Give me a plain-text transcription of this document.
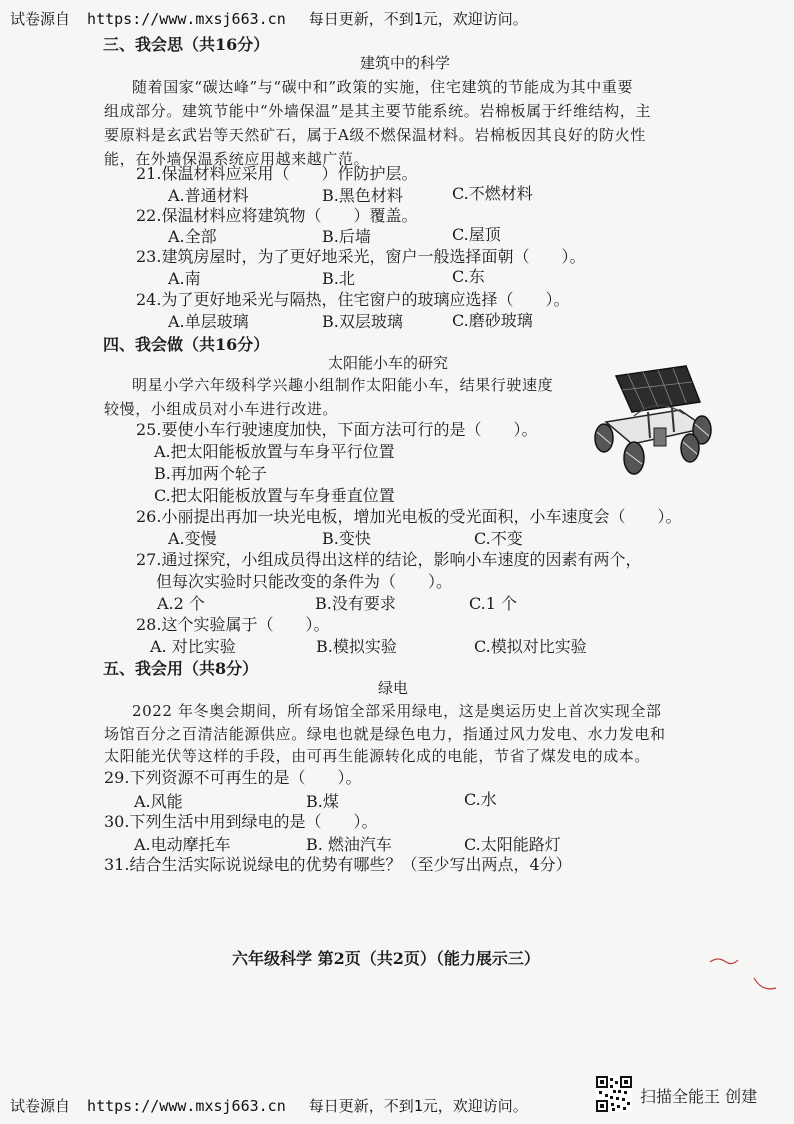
试卷源自 https://www.mxsj663.cn 每日更新，不到1元，欢迎访问。
三、我会思（共16分）
建筑中的科学
随着国家“碳达峰”与“碳中和”政策的实施，住宅建筑的节能成为其中重要
组成部分。建筑节能中“外墙保温”是其主要节能系统。岩棉板属于纤维结构，主
要原料是玄武岩等天然矿石，属于A级不燃保温材料。岩棉板因其良好的防火性
能，在外墙保温系统应用越来越广范。
21.保温材料应采用（　　）作防护层。
A.普通材料	B.黑色材料	C.不燃材料
22.保温材料应将建筑物（　　）覆盖。
A.全部	B.后墙	C.屋顶
23.建筑房屋时，为了更好地采光，窗户一般选择面朝（　　）。
A.南	B.北	C.东
24.为了更好地采光与隔热，住宅窗户的玻璃应选择（　　）。
A.单层玻璃	B.双层玻璃	C.磨砂玻璃
四、我会做（共16分）
太阳能小车的研究
明星小学六年级科学兴趣小组制作太阳能小车，结果行驶速度
较慢，小组成员对小车进行改进。
25.要使小车行驶速度加快，下面方法可行的是（　　）。
A.把太阳能板放置与车身平行位置
B.再加两个轮子
C.把太阳能板放置与车身垂直位置
26.小丽提出再加一块光电板，增加光电板的受光面积，小车速度会（　　）。
A.变慢	B.变快	C.不变
27.通过探究，小组成员得出这样的结论，影响小车速度的因素有两个，
但每次实验时只能改变的条件为（　　）。
A.2 个	B.没有要求	C.1 个
28.这个实验属于（　　）。
A. 对比实验	B.模拟实验	C.模拟对比实验
五、我会用（共8分）
绿电
2022 年冬奥会期间，所有场馆全部采用绿电，这是奥运历史上首次实现全部
场馆百分之百清洁能源供应。绿电也就是绿色电力，指通过风力发电、水力发电和
太阳能光伏等这样的手段，由可再生能源转化成的电能，节省了煤发电的成本。
29.下列资源不可再生的是（　　）。
A.风能	B.煤	C.水
30.下列生活中用到绿电的是（　　）。
A.电动摩托车	B. 燃油汽车	C.太阳能路灯
31.结合生活实际说说绿电的优势有哪些？（至少写出两点，4分）
六年级科学 第2页（共2页）（能力展示三）
试卷源自 https://www.mxsj663.cn 每日更新，不到1元，欢迎访问。	扫描全能王 创建
